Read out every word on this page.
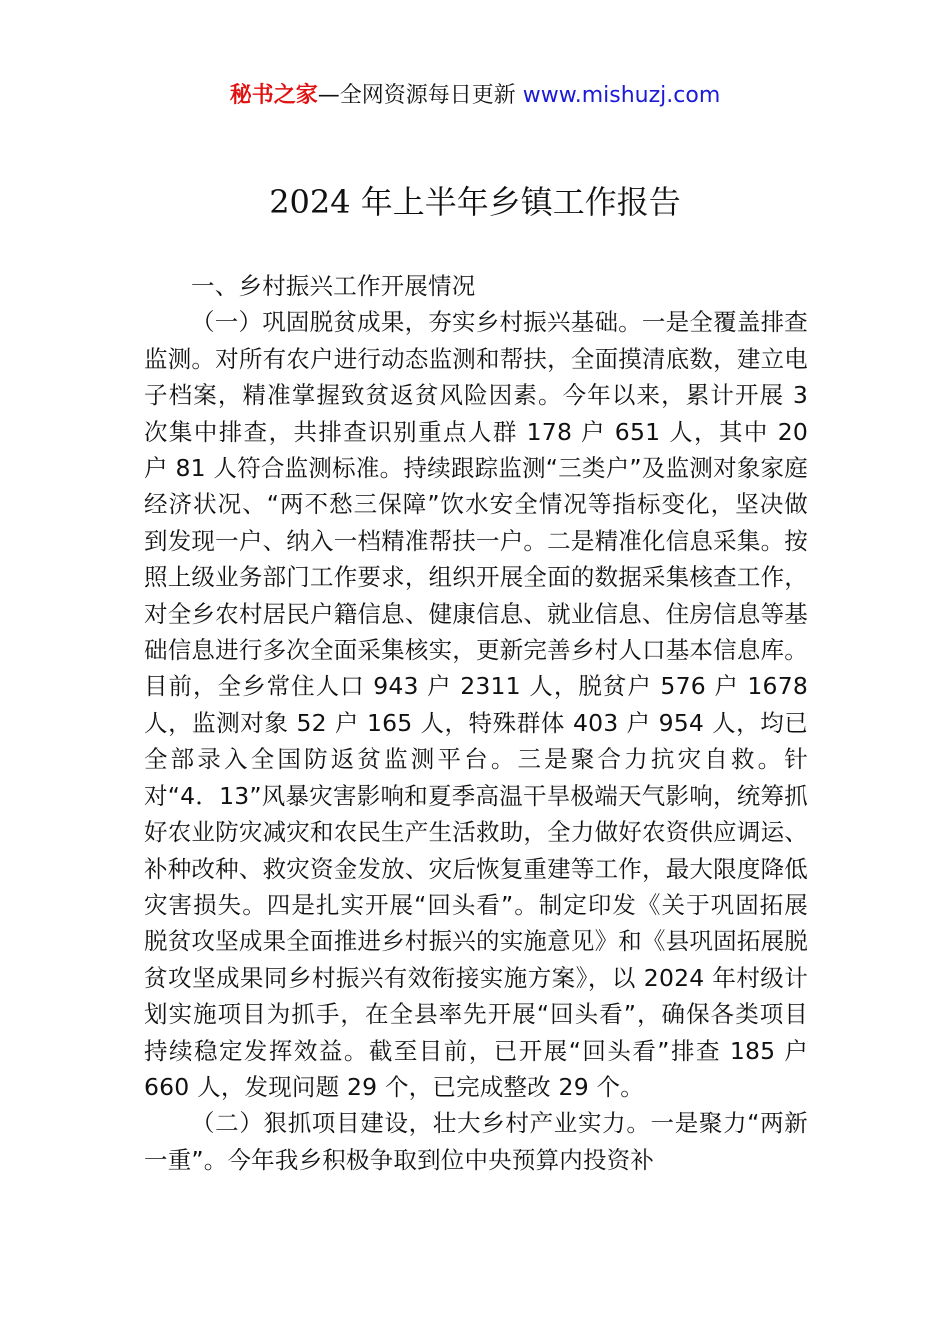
秘书之家—全网资源每日更新 www.mishuzj.com
2024 年上半年乡镇工作报告

一、乡村振兴工作开展情况

（一）巩固脱贫成果，夯实乡村振兴基础。一是全覆盖排查监测。对所有农户进行动态监测和帮扶，全面摸清底数，建立电子档案，精准掌握致贫返贫风险因素。今年以来，累计开展 3 次集中排查，共排查识别重点人群 178 户 651 人，其中 20 户 81 人符合监测标准。持续跟踪监测“三类户”及监测对象家庭经济状况、“两不愁三保障”饮水安全情况等指标变化，坚决做到发现一户、纳入一档精准帮扶一户。二是精准化信息采集。按照上级业务部门工作要求，组织开展全面的数据采集核查工作，对全乡农村居民户籍信息、健康信息、就业信息、住房信息等基础信息进行多次全面采集核实，更新完善乡村人口基本信息库。目前，全乡常住人口 943 户 2311 人，脱贫户 576 户 1678 人，监测对象 52 户 165 人，特殊群体 403 户 954 人，均已全部录入全国防返贫监测平台。三是聚合力抗灾自救。针对“4．13”风暴灾害影响和夏季高温干旱极端天气影响，统筹抓好农业防灾减灾和农民生产生活救助，全力做好农资供应调运、补种改种、救灾资金发放、灾后恢复重建等工作，最大限度降低灾害损失。四是扎实开展“回头看”。制定印发《关于巩固拓展脱贫攻坚成果全面推进乡村振兴的实施意见》和《县巩固拓展脱贫攻坚成果同乡村振兴有效衔接实施方案》，以 2024 年村级计划实施项目为抓手，在全县率先开展“回头看”，确保各类项目持续稳定发挥效益。截至目前，已开展“回头看”排查 185 户 660 人，发现问题 29 个，已完成整改 29 个。

（二）狠抓项目建设，壮大乡村产业实力。一是聚力“两新一重”。今年我乡积极争取到位中央预算内投资补
